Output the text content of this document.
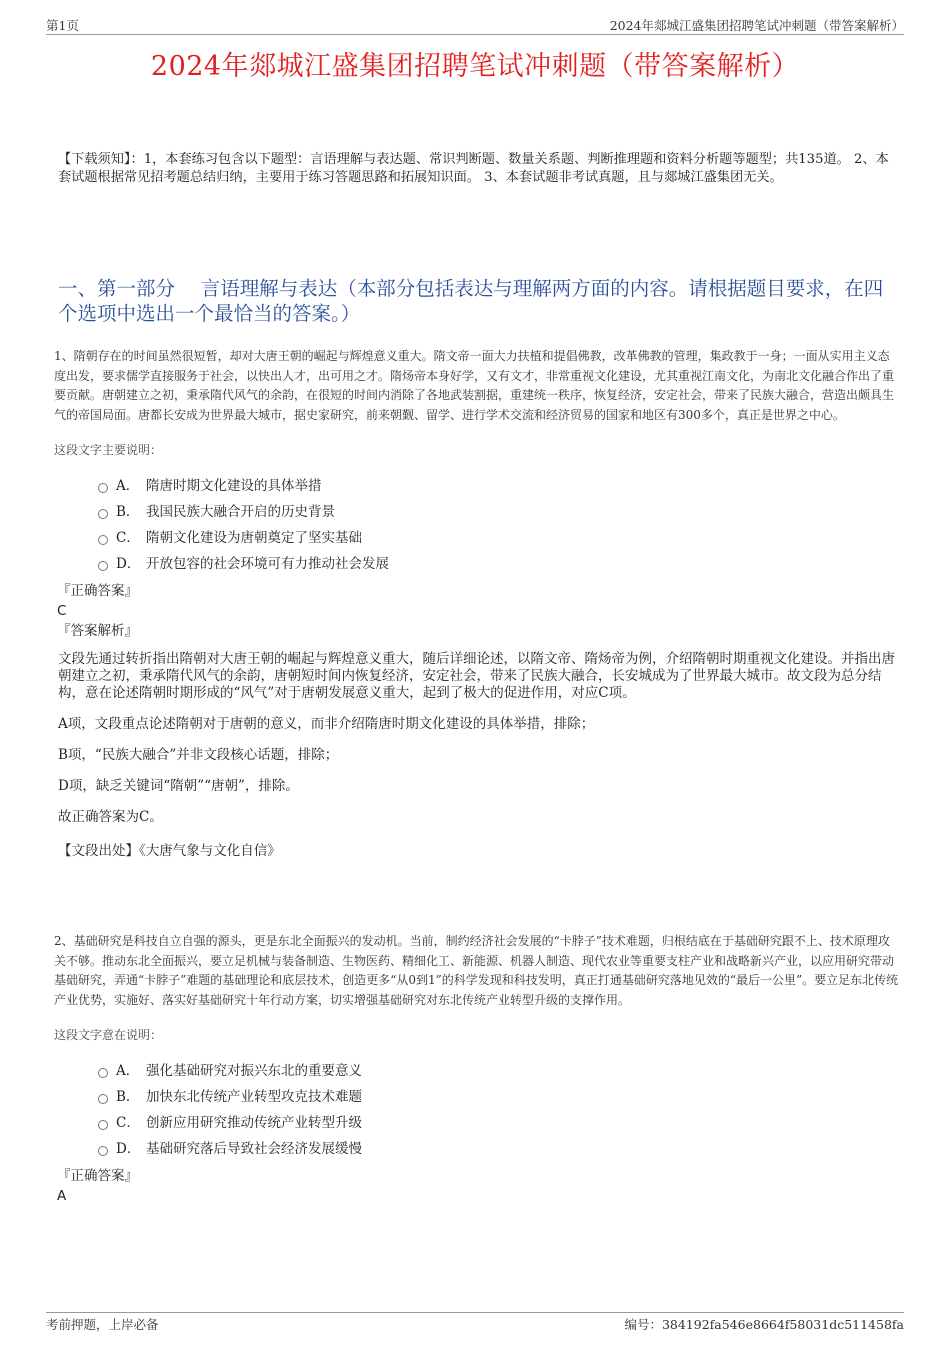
第1页	2024年郯城江盛集团招聘笔试冲刺题（带答案解析）
2024年郯城江盛集团招聘笔试冲刺题（带答案解析）
【下载须知】：1，本套练习包含以下题型：言语理解与表达题、常识判断题、数量关系题、判断推理题和资料分析题等题型；共135道。 2、本套试题根据常见招考题总结归纳，主要用于练习答题思路和拓展知识面。 3、本套试题非考试真题，且与郯城江盛集团无关。
一、第一部分　 言语理解与表达（本部分包括表达与理解两方面的内容。请根据题目要求，在四个选项中选出一个最恰当的答案。）

1、隋朝存在的时间虽然很短暂，却对大唐王朝的崛起与辉煌意义重大。隋文帝一面大力扶植和提倡佛教，改革佛教的管理，集政教于一身；一面从实用主义态度出发，要求儒学直接服务于社会，以快出人才，出可用之才。隋炀帝本身好学，又有文才，非常重视文化建设，尤其重视江南文化，为南北文化融合作出了重要贡献。唐朝建立之初，秉承隋代风气的余韵，在很短的时间内消除了各地武装割据，重建统一秩序，恢复经济，安定社会，带来了民族大融合，营造出颇具生气的帝国局面。唐都长安成为世界最大城市，据史家研究，前来朝觐、留学、进行学术交流和经济贸易的国家和地区有300多个，真正是世界之中心。

这段文字主要说明：
A． 隋唐时期文化建设的具体举措
B． 我国民族大融合开启的历史背景
C． 隋朝文化建设为唐朝奠定了坚实基础
D． 开放包容的社会环境可有力推动社会发展
『正确答案』
C
『答案解析』

文段先通过转折指出隋朝对大唐王朝的崛起与辉煌意义重大，随后详细论述，以隋文帝、隋炀帝为例，介绍隋朝时期重视文化建设。并指出唐朝建立之初，秉承隋代风气的余韵，唐朝短时间内恢复经济，安定社会，带来了民族大融合，长安城成为了世界最大城市。故文段为总分结构，意在论述隋朝时期形成的“风气”对于唐朝发展意义重大，起到了极大的促进作用，对应C项。

A项，文段重点论述隋朝对于唐朝的意义，而非介绍隋唐时期文化建设的具体举措，排除；

B项，“民族大融合”并非文段核心话题，排除；

D项，缺乏关键词“隋朝”“唐朝”，排除。

故正确答案为C。

【文段出处】《大唐气象与文化自信》

2、基础研究是科技自立自强的源头，更是东北全面振兴的发动机。当前，制约经济社会发展的“卡脖子”技术难题，归根结底在于基础研究跟不上、技术原理攻关不够。推动东北全面振兴，要立足机械与装备制造、生物医药、精细化工、新能源、机器人制造、现代农业等重要支柱产业和战略新兴产业，以应用研究带动基础研究，弄通“卡脖子”难题的基础理论和底层技术，创造更多“从0到1”的科学发现和科技发明，真正打通基础研究落地见效的“最后一公里”。要立足东北传统产业优势，实施好、落实好基础研究十年行动方案，切实增强基础研究对东北传统产业转型升级的支撑作用。

这段文字意在说明：
A． 强化基础研究对振兴东北的重要意义
B． 加快东北传统产业转型攻克技术难题
C． 创新应用研究推动传统产业转型升级
D． 基础研究落后导致社会经济发展缓慢
『正确答案』
A
考前押题，上岸必备	编号：384192fa546e8664f58031dc511458fa
